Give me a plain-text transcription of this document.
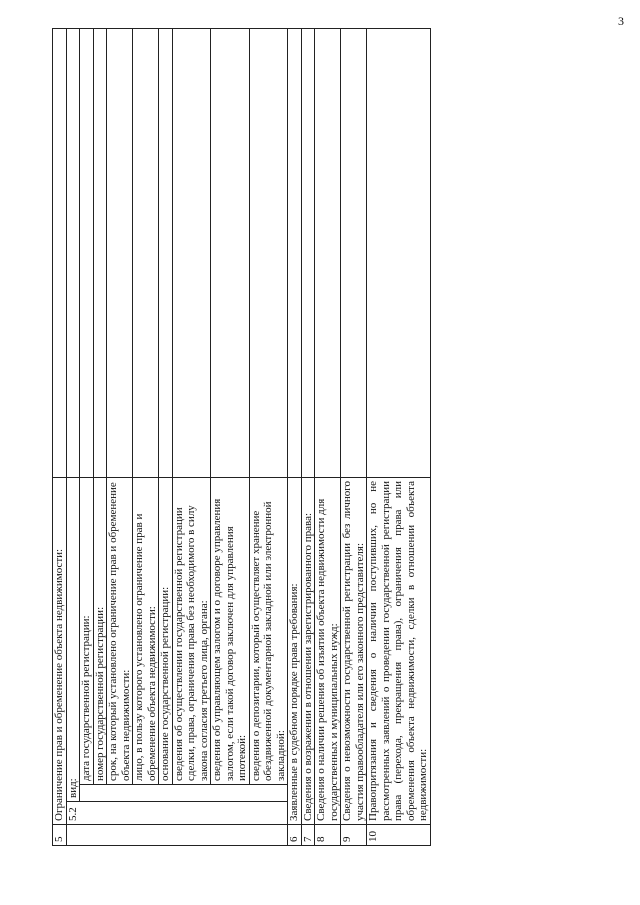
3
5	Ограничение прав и обременение объекта недвижимости:			
	5.2	вид:		
			дата государственной регистрации:	
			номер государственной регистрации:	
			срок, на который установлено ограничение прав и обременение объекта недвижимости:	
			лицо, в пользу которого установлено ограничение прав и обременение объекта недвижимости:	
			основание государственной регистрации:	
			сведения об осуществлении государственной регистрации сделки, права, ограничения права без необходимого в силу закона согласия третьего лица, органа:	
			сведения об управляющем залогом и о договоре управления залогом, если такой договор заключен для управления ипотекой:	
			сведения о депозитарии, который осуществляет хранение обездвиженной документарной закладной или электронной закладной:	
6	Заявленные в судебном порядке права требования:			
7	Сведения о возражении в отношении зарегистрированного права:			
8	Сведения о наличии решения об изъятии объекта недвижимости для государственных и муниципальных нужд:			
9	Сведения о невозможности государственной регистрации без личного участия правообладателя или его законного представителя:			
10	Правопритязания и сведения о наличии поступивших, но не рассмотренных заявлений о проведении государственной регистрации права (перехода, прекращения права), ограничения права или обременения объекта недвижимости, сделки в отношении объекта недвижимости:			
